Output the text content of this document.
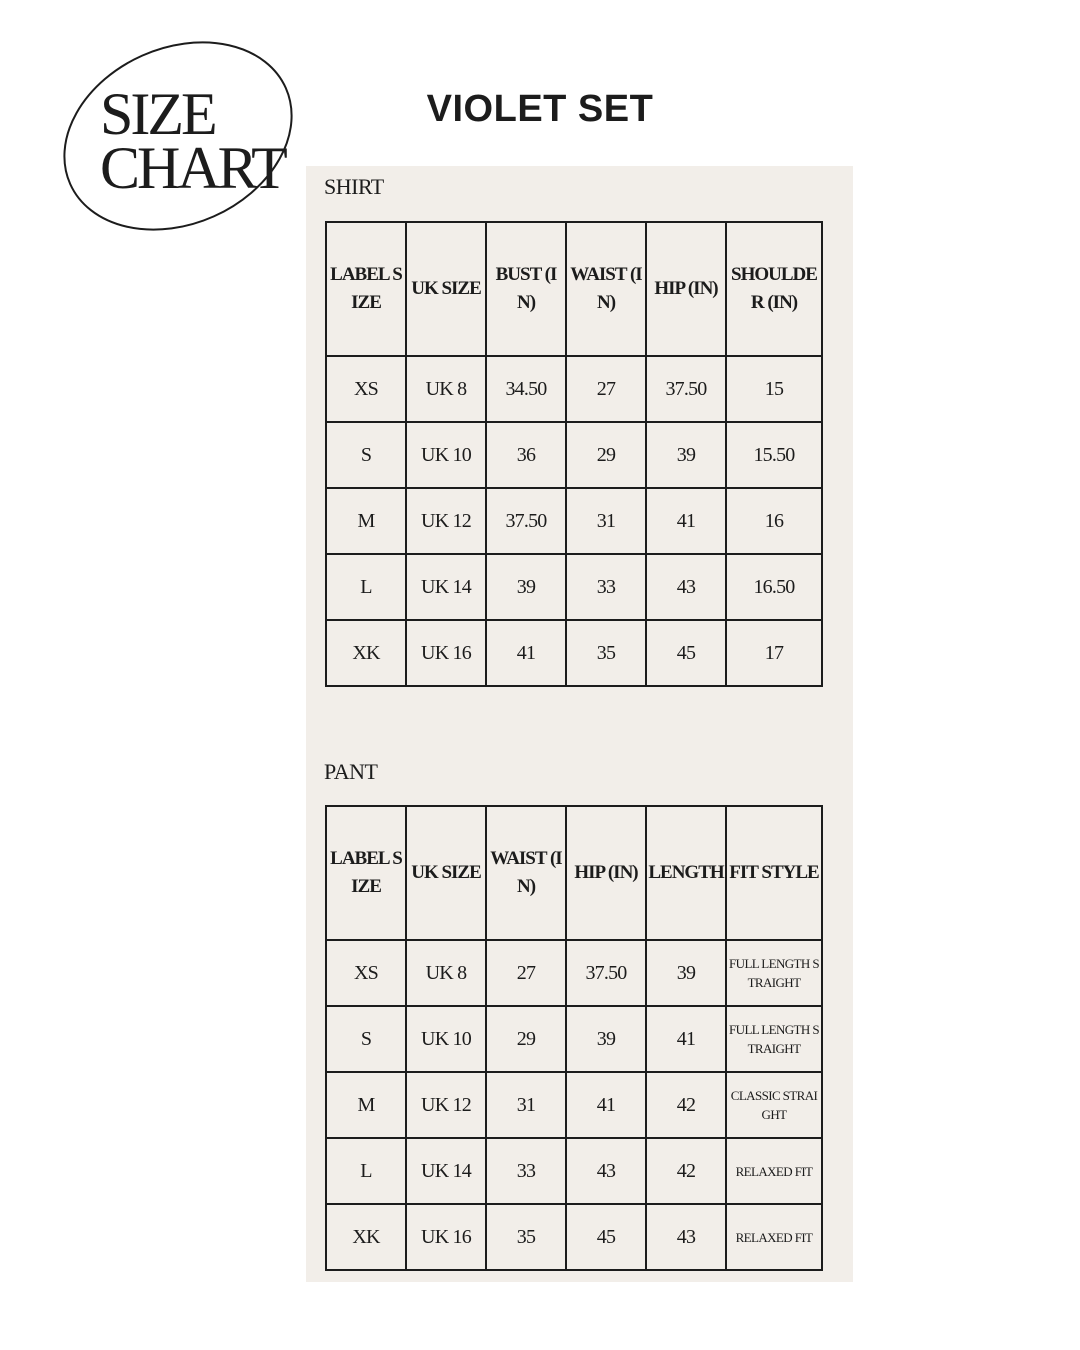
SIZE
CHART
VIOLET SET
SHIRT
LABEL SIZE	UK SIZE	BUST (IN)	WAIST (IN)	HIP (IN)	SHOULDER (IN)
XS	UK 8	34.50	27	37.50	15
S	UK 10	36	29	39	15.50
M	UK 12	37.50	31	41	16
L	UK 14	39	33	43	16.50
XK	UK 16	41	35	45	17
PANT
LABEL SIZE	UK SIZE	WAIST (IN)	HIP (IN)	LENGTH	FIT STYLE
XS	UK 8	27	37.50	39	FULL LENGTH STRAIGHT
S	UK 10	29	39	41	FULL LENGTH STRAIGHT
M	UK 12	31	41	42	CLASSIC STRAIGHT
L	UK 14	33	43	42	RELAXED FIT
XK	UK 16	35	45	43	RELAXED FIT
